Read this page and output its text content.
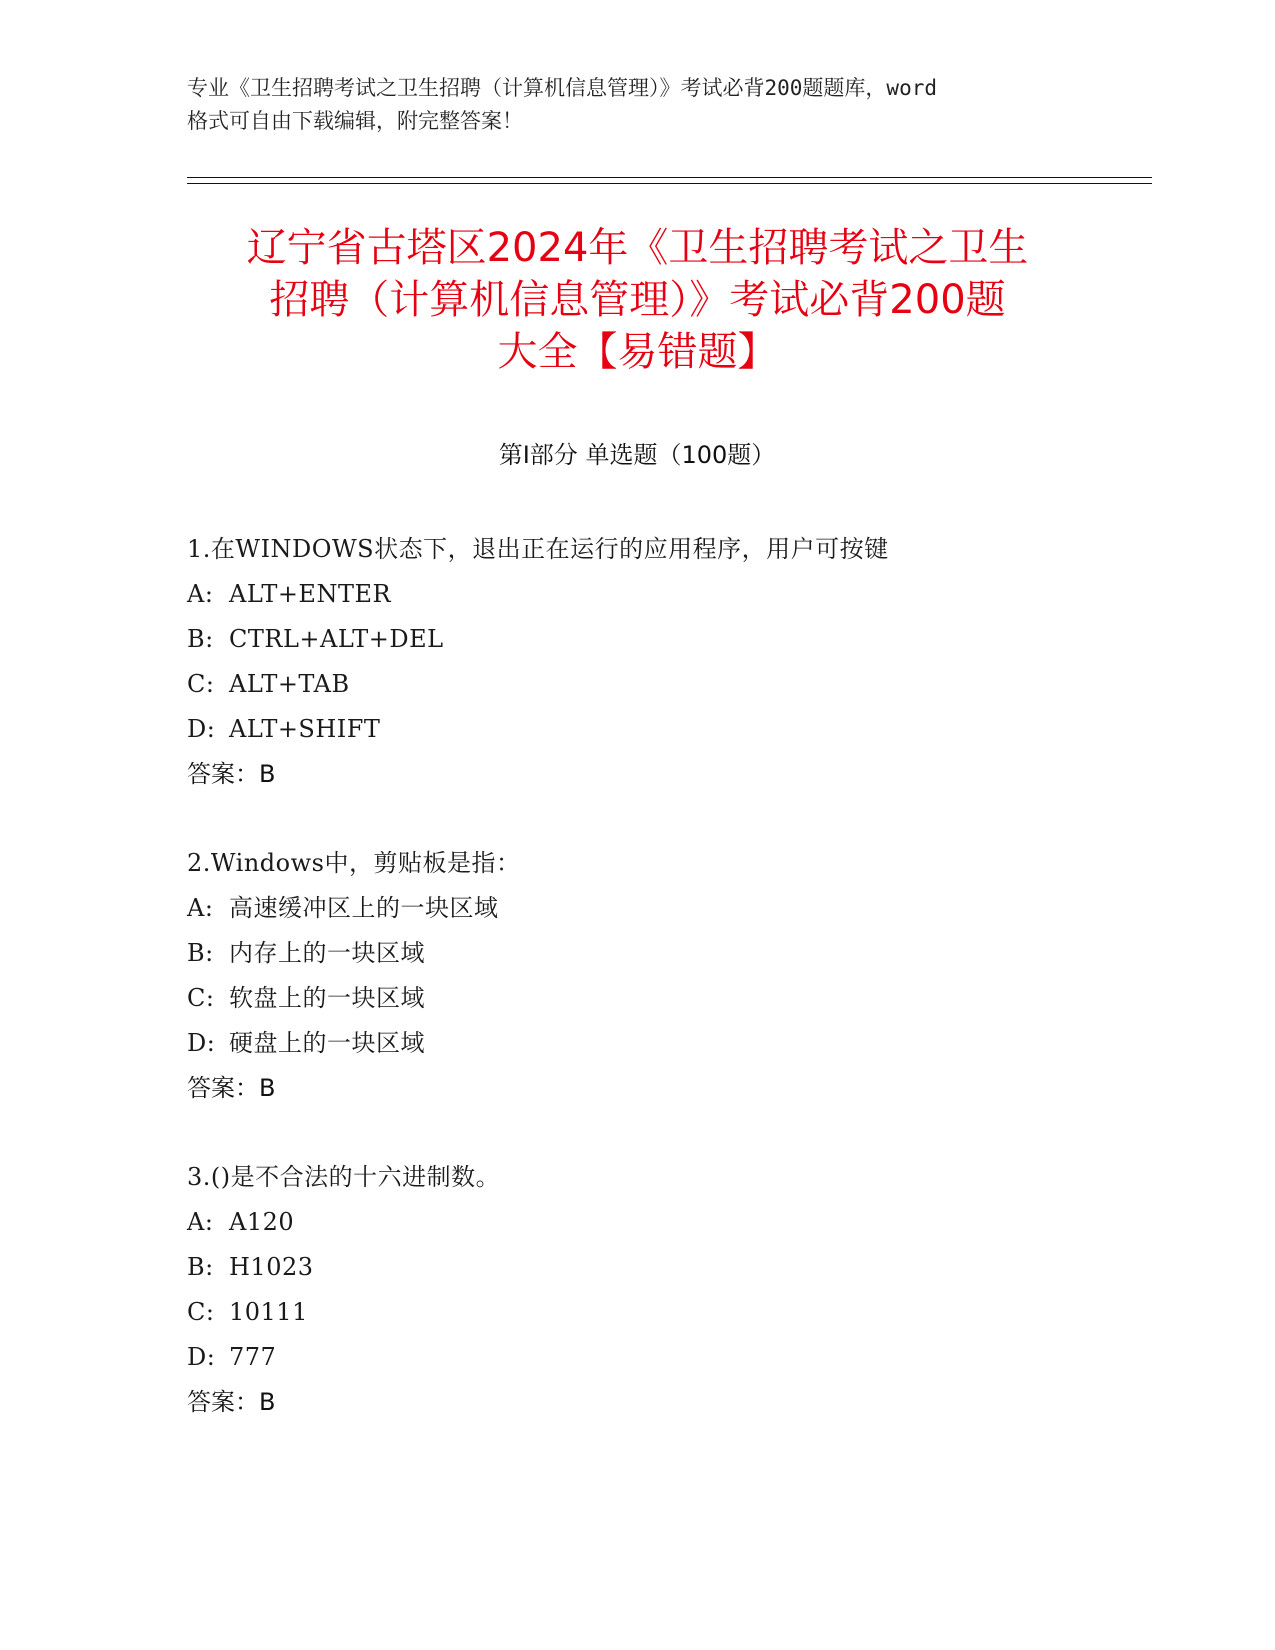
专业《卫生招聘考试之卫生招聘（计算机信息管理）》考试必背200题题库，word
格式可自由下载编辑，附完整答案！
辽宁省古塔区2024年《卫生招聘考试之卫生
招聘（计算机信息管理）》考试必背200题
大全【易错题】
第Ⅰ部分 单选题（100题）
1.在WINDOWS状态下，退出正在运行的应用程序，用户可按键
A: ALT+ENTER
B: CTRL+ALT+DEL
C: ALT+TAB
D: ALT+SHIFT
答案：B
2.Windows中，剪贴板是指：
A: 高速缓冲区上的一块区域
B: 内存上的一块区域
C: 软盘上的一块区域
D: 硬盘上的一块区域
答案：B
3.()是不合法的十六进制数。
A: A120
B: H1023
C: 10111
D: 777
答案：B
